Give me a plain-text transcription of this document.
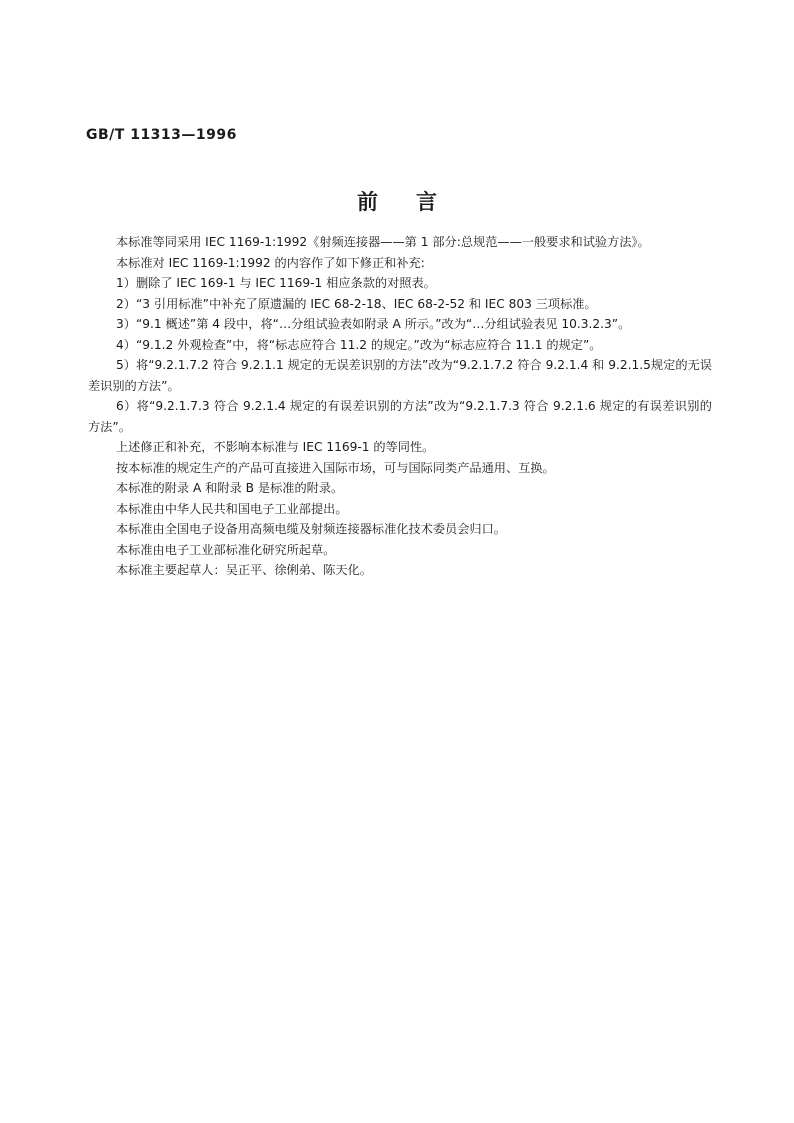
GB/T 11313—1996
前言

本标准等同采用 IEC 1169-1:1992《射频连接器——第 1 部分:总规范——一般要求和试验方法》。

本标准对 IEC 1169-1:1992 的内容作了如下修正和补充:

1）删除了 IEC 169-1 与 IEC 1169-1 相应条款的对照表。

2）“3 引用标准”中补充了原遗漏的 IEC 68-2-18、IEC 68-2-52 和 IEC 803 三项标准。

3）“9.1 概述”第 4 段中，将“…分组试验表如附录 A 所示。”改为“…分组试验表见 10.3.2.3”。

4）“9.1.2 外观检查”中，将“标志应符合 11.2 的规定。”改为“标志应符合 11.1 的规定”。

5）将“9.2.1.7.2 符合 9.2.1.1 规定的无误差识别的方法”改为“9.2.1.7.2 符合 9.2.1.4 和 9.2.1.5规定的无误差识别的方法”。

6）将“9.2.1.7.3 符合 9.2.1.4 规定的有误差识别的方法”改为“9.2.1.7.3 符合 9.2.1.6 规定的有误差识别的方法”。

上述修正和补充，不影响本标准与 IEC 1169-1 的等同性。

按本标准的规定生产的产品可直接进入国际市场，可与国际同类产品通用、互换。

本标准的附录 A 和附录 B 是标准的附录。

本标准由中华人民共和国电子工业部提出。

本标准由全国电子设备用高频电缆及射频连接器标准化技术委员会归口。

本标准由电子工业部标准化研究所起草。

本标准主要起草人：吴正平、徐俐弟、陈天化。
